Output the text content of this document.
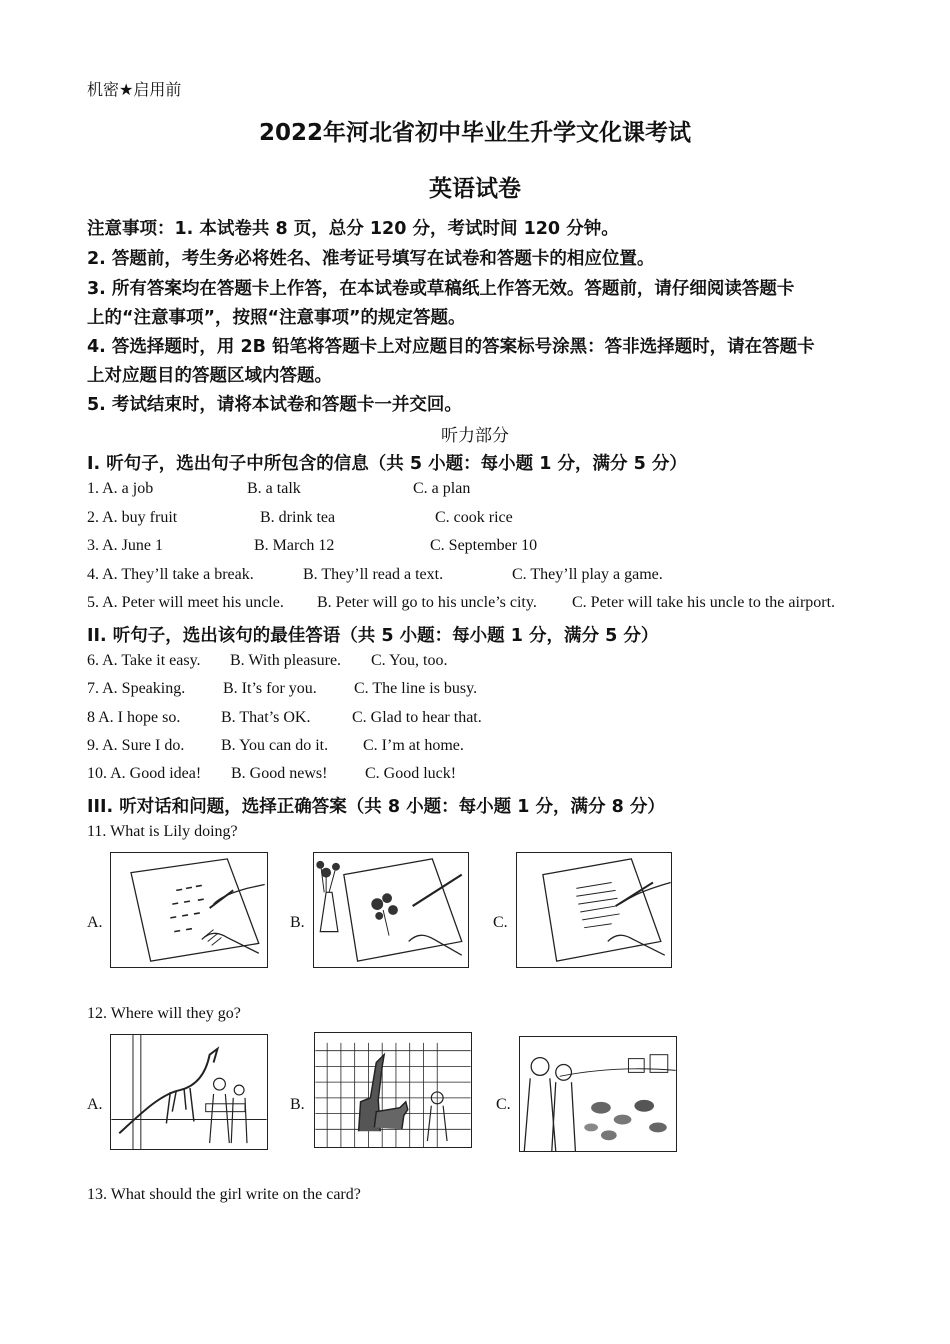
机密★启用前
2022年河北省初中毕业生升学文化课考试
英语试卷
注意事项：1. 本试卷共 8 页，总分 120 分，考试时间 120 分钟。
2. 答题前，考生务必将姓名、准考证号填写在试卷和答题卡的相应位置。
3. 所有答案均在答题卡上作答，在本试卷或草稿纸上作答无效。答题前，请仔细阅读答题卡
上的“注意事项”，按照“注意事项”的规定答题。
4. 答选择题时，用 2B 铅笔将答题卡上对应题目的答案标号涂黑：答非选择题时，请在答题卡
上对应题目的答题区域内答题。
5. 考试结束时，请将本试卷和答题卡一并交回。
听力部分
Ⅰ. 听句子，选出句子中所包含的信息（共 5 小题：每小题 1 分，满分 5 分）
1. A. a job	B. a talk	C. a plan
2. A. buy fruit	B. drink tea	C. cook rice
3. A. June 1	B. March 12	C. September 10
4. A. They’ll take a break.	B. They’ll read a text.	C. They’ll play a game.
5. A. Peter will meet his uncle. B. Peter will go to his uncle’s city. C. Peter will take his uncle to the airport.
II. 听句子，选出该句的最佳答语（共 5 小题：每小题 1 分，满分 5 分）
6. A. Take it easy. B. With pleasure. C. You, too.
7. A. Speaking. B. It’s for you. C. The line is busy.
8 A. I hope so.	B. That’s OK.	C. Glad to hear that.
9. A. Sure I do. B. You can do it. C. I’m at home.
10. A. Good idea! B. Good news! C. Good luck!
III. 听对话和问题，选择正确答案（共 8 小题：每小题 1 分，满分 8 分）
11. What is Lily doing?
A.	B.	C.
12. Where will they go?
A.	B.	C.
13. What should the girl write on the card?
